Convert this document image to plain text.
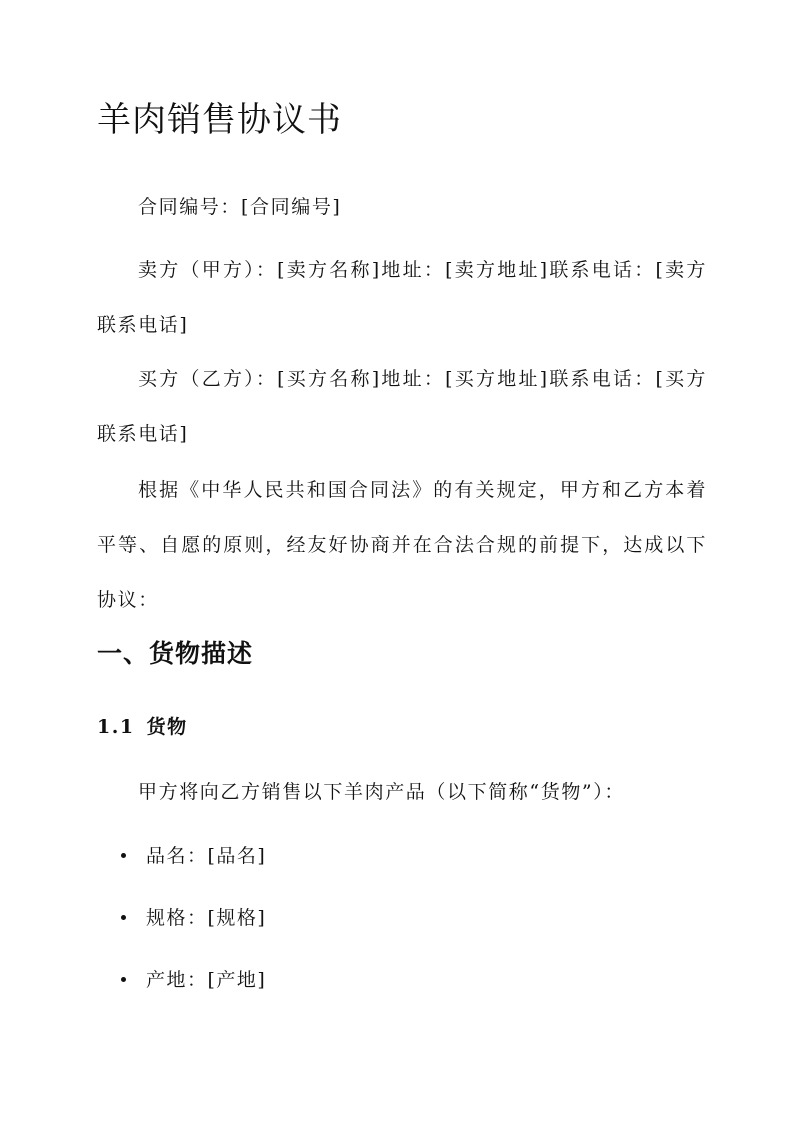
羊肉销售协议书

合同编号：[合同编号]

卖方（甲方）：[卖方名称]地址：[卖方地址]联系电话：[卖方联系电话]

买方（乙方）：[买方名称]地址：[买方地址]联系电话：[买方联系电话]

根据《中华人民共和国合同法》的有关规定，甲方和乙方本着平等、自愿的原则，经友好协商并在合法合规的前提下，达成以下协议：

一、货物描述
1.1 货物

甲方将向乙方销售以下羊肉产品（以下简称“货物”）：

品名：[品名]
规格：[规格]
产地：[产地]
